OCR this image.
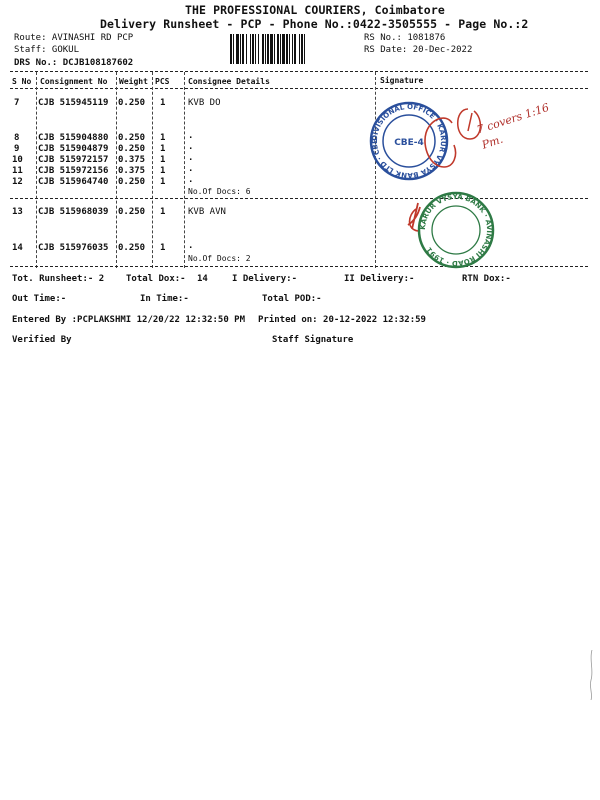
THE PROFESSIONAL COURIERS, Coimbatore
Delivery Runsheet - PCP - Phone No.:0422-3505555 - Page No.:2
Route: AVINASHI RD PCP
Staff: GOKUL
DRS No.: DCJB108187602
RS No.: 1081876
RS Date: 20-Dec-2022
S No Consignment No Weight PCS Consignee Details	Signature
7 CJB 515945119 0.250 1	KVB DO
8 CJB 515904880 0.250 1	.
9 CJB 515904879 0.250 1	.
10 CJB 515972157 0.375 1	.
11 CJB 515972156 0.375 1	.
12 CJB 515964740 0.250 1	.
No.Of Docs: 6
13 CJB 515968039 0.250 1	KVB AVN
14 CJB 515976035 0.250 1	.
No.Of Docs: 2
DIVISIONAL OFFICE · KARUR VYSYA BANK LTD · CBE	CBE-4
KARUR VYSYA BANK · AVINASHI ROAD · 1991
7 covers 1:16 Pm.
Tot. Runsheet:- 2 Total Dox:- 14	I Delivery:-	II Delivery:-	RTN Dox:-
Out Time:-	In Time:-	Total POD:-
Entered By :PCPLAKSHMI 12/20/22 12:32:50 PM Printed on: 20-12-2022 12:32:59
Verified By	Staff Signature
